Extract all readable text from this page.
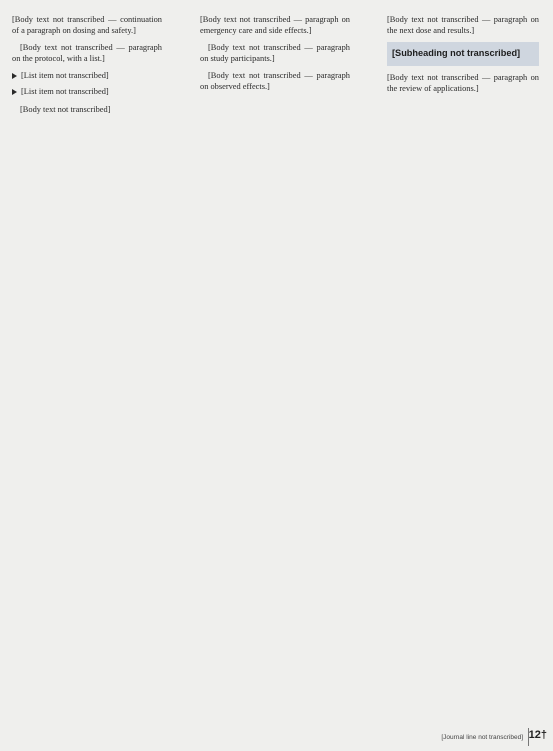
[Body text not transcribed — continuation of a paragraph on dosing and safety.]

[Body text not transcribed — paragraph on the protocol, with a list.]

[List item not transcribed]
[List item not transcribed]

[Body text not transcribed]

[Body text not transcribed — paragraph on emergency care and side effects.]

[Body text not transcribed — paragraph on study participants.]

[Body text not transcribed — paragraph on observed effects.]

[Body text not transcribed — paragraph on the next dose and results.]

[Subheading not transcribed]

[Body text not transcribed — paragraph on the review of applications.]

[Journal line not transcribed] 12†
